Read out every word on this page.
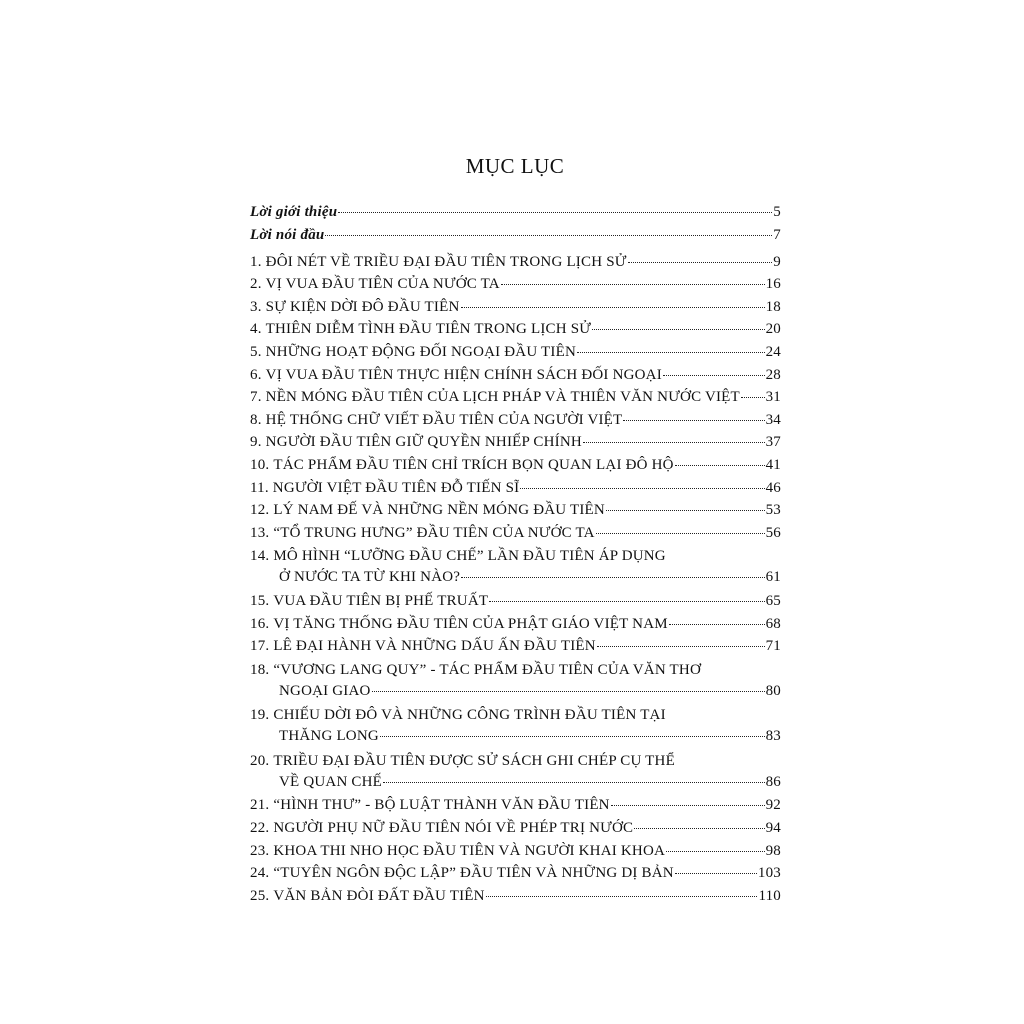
MỤC LỤC
Lời giới thiệu	5
Lời nói đầu	7
1. ĐÔI NÉT VỀ TRIỀU ĐẠI ĐẦU TIÊN TRONG LỊCH SỬ	9
2. VỊ VUA ĐẦU TIÊN CỦA NƯỚC TA	16
3. SỰ KIỆN DỜI ĐÔ ĐẦU TIÊN	18
4. THIÊN DIỄM TÌNH ĐẦU TIÊN TRONG LỊCH SỬ	20
5. NHỮNG HOẠT ĐỘNG ĐỐI NGOẠI ĐẦU TIÊN	24
6. VỊ VUA ĐẦU TIÊN THỰC HIỆN CHÍNH SÁCH ĐỐI NGOẠI	28
7. NỀN MÓNG ĐẦU TIÊN CỦA LỊCH PHÁP VÀ THIÊN VĂN NƯỚC VIỆT 31
8. HỆ THỐNG CHỮ VIẾT ĐẦU TIÊN CỦA NGƯỜI VIỆT	34
9. NGƯỜI ĐẦU TIÊN GIỮ QUYỀN NHIẾP CHÍNH	37
10. TÁC PHẨM ĐẦU TIÊN CHỈ TRÍCH BỌN QUAN LẠI ĐÔ HỘ	41
11. NGƯỜI VIỆT ĐẦU TIÊN ĐỖ TIẾN SĨ	46
12. LÝ NAM ĐẾ VÀ NHỮNG NỀN MÓNG ĐẦU TIÊN	53
13. “TỔ TRUNG HƯNG” ĐẦU TIÊN CỦA NƯỚC TA	56
14. MÔ HÌNH “LƯỠNG ĐẦU CHẾ” LẦN ĐẦU TIÊN ÁP DỤNG
Ở NƯỚC TA TỪ KHI NÀO?	61
15. VUA ĐẦU TIÊN BỊ PHẾ TRUẤT	65
16. VỊ TĂNG THỐNG ĐẦU TIÊN CỦA PHẬT GIÁO VIỆT NAM	68
17. LÊ ĐẠI HÀNH VÀ NHỮNG DẤU ẤN ĐẦU TIÊN	71
18. “VƯƠNG LANG QUY” - TÁC PHẨM ĐẦU TIÊN CỦA VĂN THƠ
NGOẠI GIAO	80
19. CHIẾU DỜI ĐÔ VÀ NHỮNG CÔNG TRÌNH ĐẦU TIÊN TẠI
THĂNG LONG	83
20. TRIỀU ĐẠI ĐẦU TIÊN ĐƯỢC SỬ SÁCH GHI CHÉP CỤ THỂ
VỀ QUAN CHẾ	86
21. “HÌNH THƯ” - BỘ LUẬT THÀNH VĂN ĐẦU TIÊN	92
22. NGƯỜI PHỤ NỮ ĐẦU TIÊN NÓI VỀ PHÉP TRỊ NƯỚC	94
23. KHOA THI NHO HỌC ĐẦU TIÊN VÀ NGƯỜI KHAI KHOA	98
24. “TUYÊN NGÔN ĐỘC LẬP” ĐẦU TIÊN VÀ NHỮNG DỊ BẢN	103
25. VĂN BẢN ĐÒI ĐẤT ĐẦU TIÊN	110
